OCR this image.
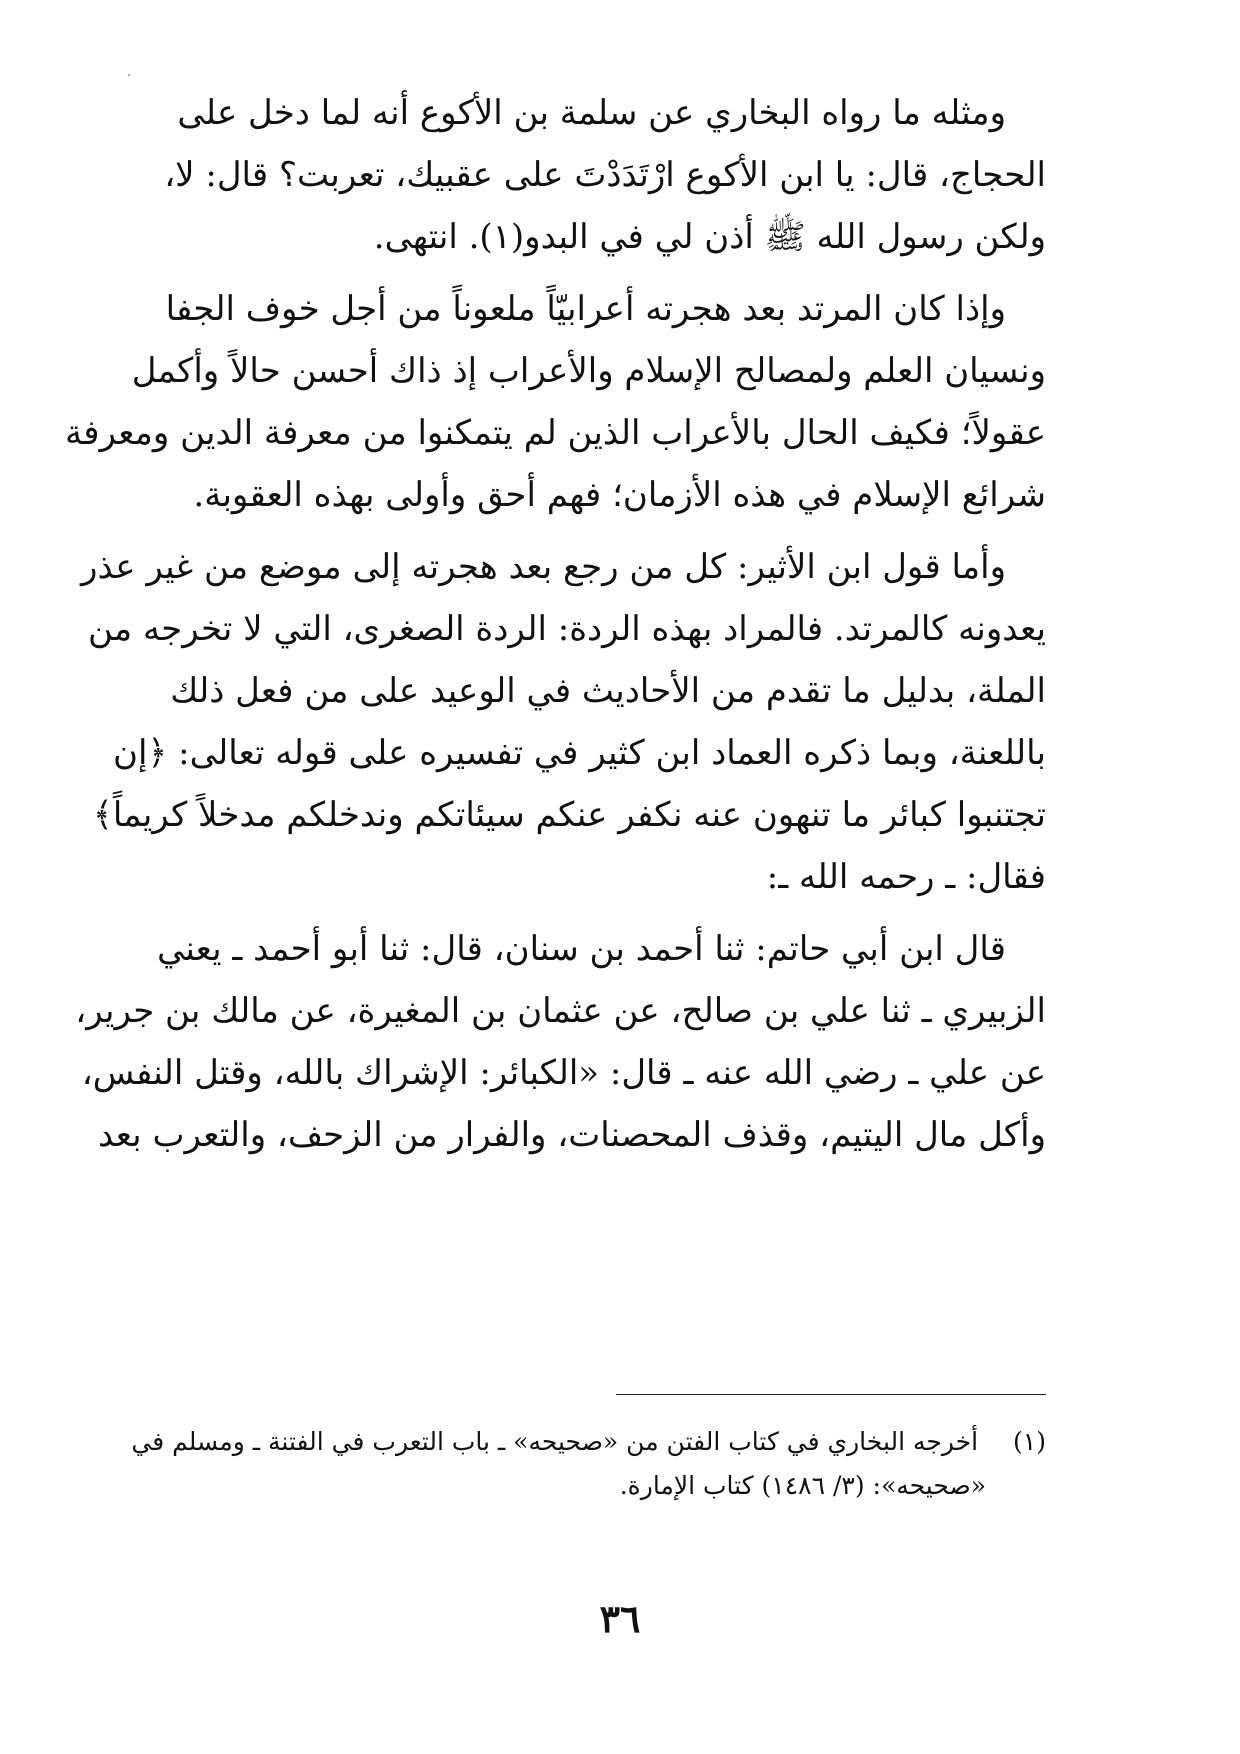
ومثله ما رواه البخاري عن سلمة بن الأكوع أنه لما دخل على
الحجاج، قال: يا ابن الأكوع ارْتَدَدْتَ على عقبيك، تعربت؟ قال: لا،
ولكن رسول الله ﷺ أذن لي في البدو(١). انتهى.
وإذا كان المرتد بعد هجرته أعرابيّاً ملعوناً من أجل خوف الجفا
ونسيان العلم ولمصالح الإسلام والأعراب إذ ذاك أحسن حالاً وأكمل
عقولاً؛ فكيف الحال بالأعراب الذين لم يتمكنوا من معرفة الدين ومعرفة
شرائع الإسلام في هذه الأزمان؛ فهم أحق وأولى بهذه العقوبة.
وأما قول ابن الأثير: كل من رجع بعد هجرته إلى موضع من غير عذر
يعدونه كالمرتد. فالمراد بهذه الردة: الردة الصغرى، التي لا تخرجه من
الملة، بدليل ما تقدم من الأحاديث في الوعيد على من فعل ذلك
باللعنة، وبما ذكره العماد ابن كثير في تفسيره على قوله تعالى: ﴿إن
تجتنبوا كبائر ما تنهون عنه نكفر عنكم سيئاتكم وندخلكم مدخلاً كريماً﴾
فقال: ـ رحمه الله ـ:
قال ابن أبي حاتم: ثنا أحمد بن سنان، قال: ثنا أبو أحمد ـ يعني
الزبيري ـ ثنا علي بن صالح، عن عثمان بن المغيرة، عن مالك بن جرير،
عن علي ـ رضي الله عنه ـ قال: «الكبائر: الإشراك بالله، وقتل النفس،
وأكل مال اليتيم، وقذف المحصنات، والفرار من الزحف، والتعرب بعد
(١) أخرجه البخاري في كتاب الفتن من «صحيحه» ـ باب التعرب في الفتنة ـ ومسلم في
«صحيحه»: (٣/ ١٤٨٦) كتاب الإمارة.
٣٦
